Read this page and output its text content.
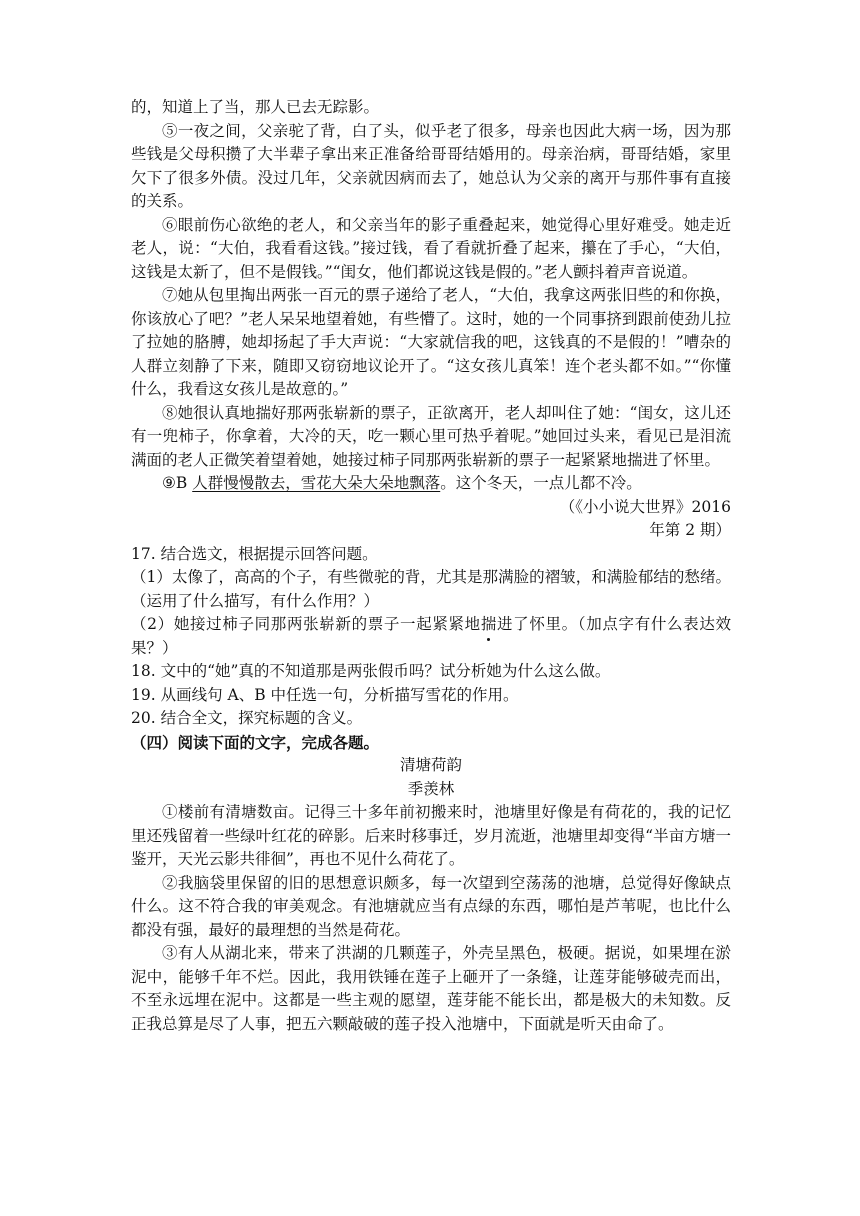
的，知道上了当，那人已去无踪影。

⑤一夜之间，父亲驼了背，白了头，似乎老了很多，母亲也因此大病一场，因为那些钱是父母积攒了大半辈子拿出来正准备给哥哥结婚用的。母亲治病，哥哥结婚，家里欠下了很多外债。没过几年，父亲就因病而去了，她总认为父亲的离开与那件事有直接的关系。

⑥眼前伤心欲绝的老人，和父亲当年的影子重叠起来，她觉得心里好难受。她走近老人，说：“大伯，我看看这钱。”接过钱，看了看就折叠了起来，攥在了手心，“大伯，这钱是太新了，但不是假钱。”“闺女，他们都说这钱是假的。”老人颤抖着声音说道。

⑦她从包里掏出两张一百元的票子递给了老人，“大伯，我拿这两张旧些的和你换，你该放心了吧？”老人呆呆地望着她，有些懵了。这时，她的一个同事挤到跟前使劲儿拉了拉她的胳膊，她却扬起了手大声说：“大家就信我的吧，这钱真的不是假的！”嘈杂的人群立刻静了下来，随即又窃窃地议论开了。“这女孩儿真笨！连个老头都不如。”“你懂什么，我看这女孩儿是故意的。”

⑧她很认真地揣好那两张崭新的票子，正欲离开，老人却叫住了她：“闺女，这儿还有一兜柿子，你拿着，大冷的天，吃一颗心里可热乎着呢。”她回过头来，看见已是泪流满面的老人正微笑着望着她，她接过柿子同那两张崭新的票子一起紧紧地揣进了怀里。

⑨B 人群慢慢散去，雪花大朵大朵地飘落。这个冬天，一点儿都不冷。

（《小小说大世界》2016

年第 2 期）

17. 结合选文，根据提示回答问题。

（1）太像了，高高的个子，有些微驼的背，尤其是那满脸的褶皱，和满脸郁结的愁绪。（运用了什么描写，有什么作用？）

（2）她接过柿子同那两张崭新的票子一起紧紧地揣进了怀里。（加点字有什么表达效果？）

18. 文中的“她”真的不知道那是两张假币吗？试分析她为什么这么做。

19. 从画线句 A、B 中任选一句，分析描写雪花的作用。

20. 结合全文，探究标题的含义。

（四）阅读下面的文字，完成各题。

清塘荷韵

季羡林

①楼前有清塘数亩。记得三十多年前初搬来时，池塘里好像是有荷花的，我的记忆里还残留着一些绿叶红花的碎影。后来时移事迁，岁月流逝，池塘里却变得“半亩方塘一鉴开，天光云影共徘徊”，再也不见什么荷花了。

②我脑袋里保留的旧的思想意识颇多，每一次望到空荡荡的池塘，总觉得好像缺点什么。这不符合我的审美观念。有池塘就应当有点绿的东西，哪怕是芦苇呢，也比什么都没有强，最好的最理想的当然是荷花。

③有人从湖北来，带来了洪湖的几颗莲子，外壳呈黑色，极硬。据说，如果埋在淤泥中，能够千年不烂。因此，我用铁锤在莲子上砸开了一条缝，让莲芽能够破壳而出，不至永远埋在泥中。这都是一些主观的愿望，莲芽能不能长出，都是极大的未知数。反正我总算是尽了人事，把五六颗敲破的莲子投入池塘中，下面就是听天由命了。
